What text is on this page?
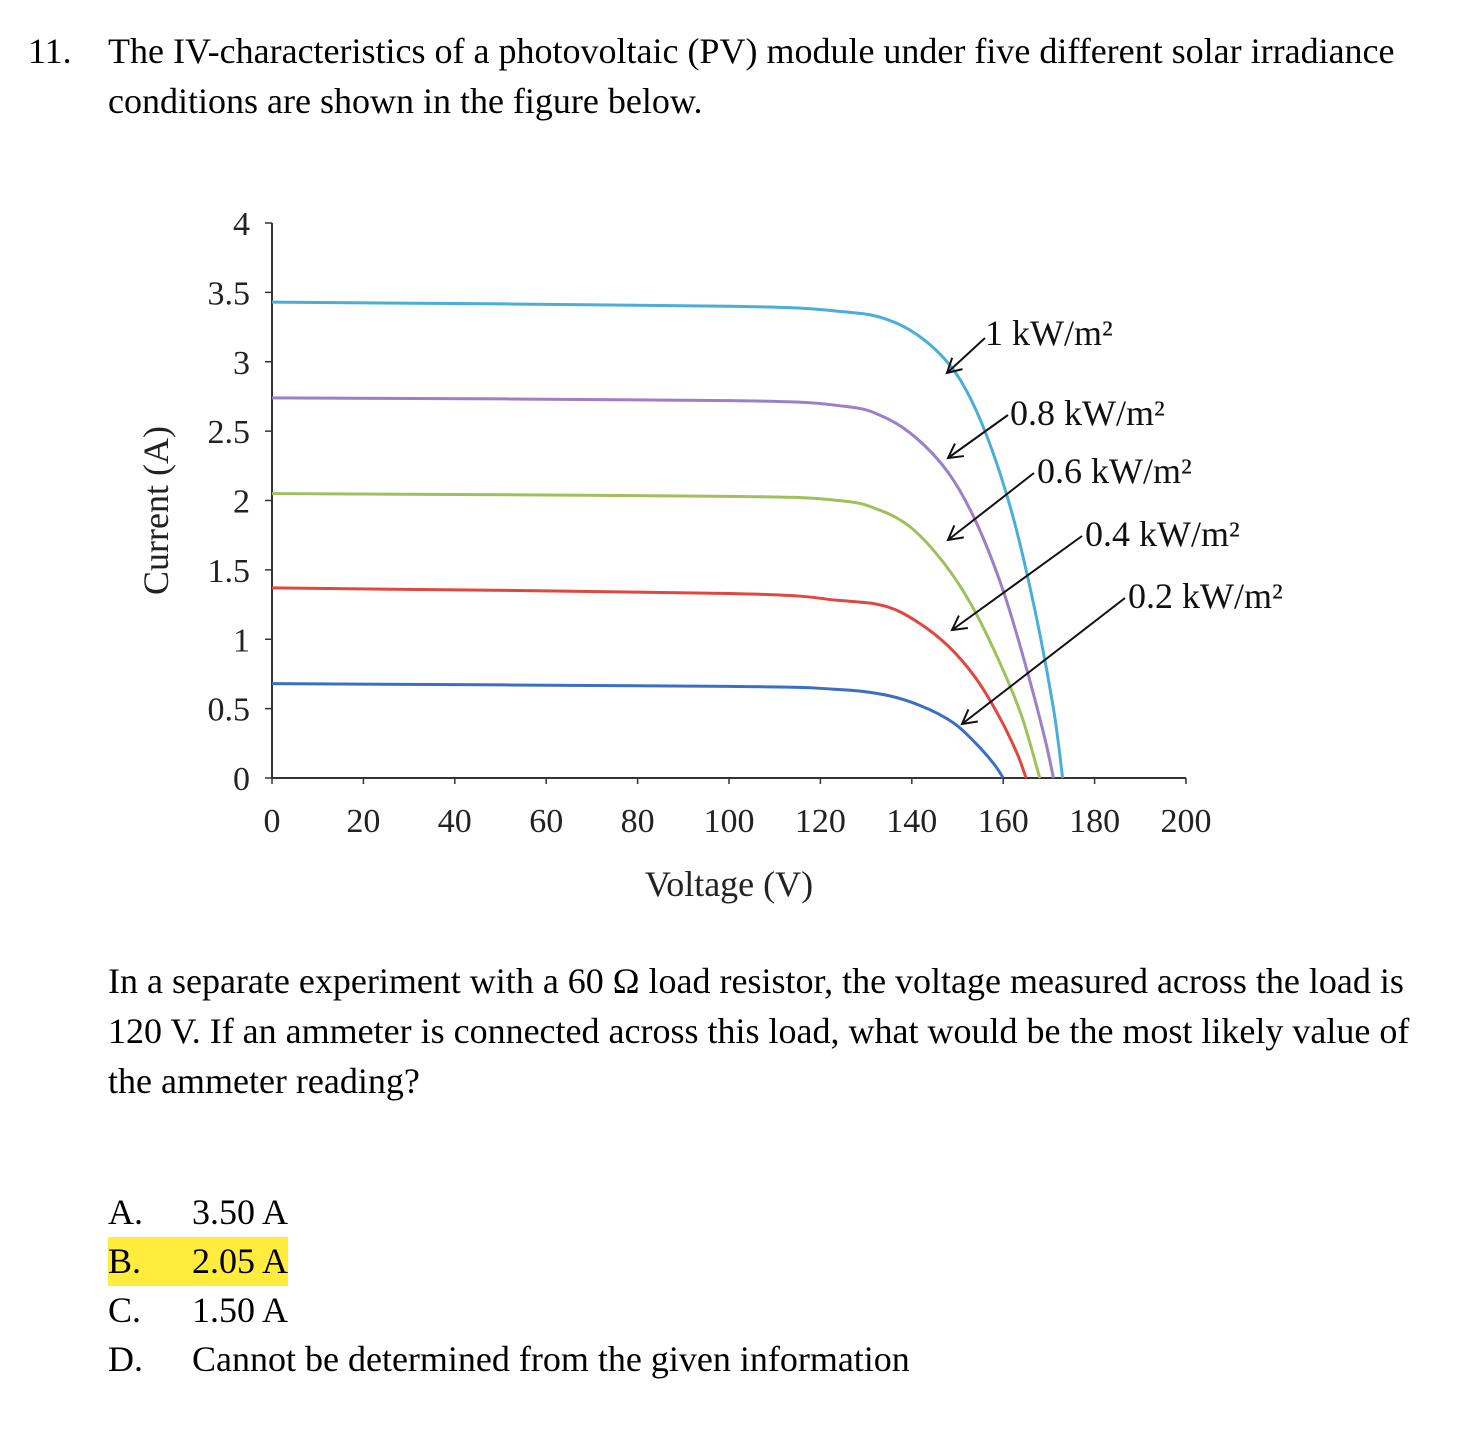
11. The IV-characteristics of a photovoltaic (PV) module under five different solar irradiance conditions are shown in the figure below.
0
0.5
1
1.5
2
2.5
3
3.5
4
0 20 40 60 80 100 120 140 160 180 200
Voltage (V)
Current (A)
1 kW/m²
0.8 kW/m²
0.6 kW/m²
0.4 kW/m²
0.2 kW/m²
In a separate experiment with a 60 Ω load resistor, the voltage measured across the load is 120 V. If an ammeter is connected across this load, what would be the most likely value of the ammeter reading?
A.	3.50 A
B.	2.05 A
C.	1.50 A
D.	Cannot be determined from the given information
